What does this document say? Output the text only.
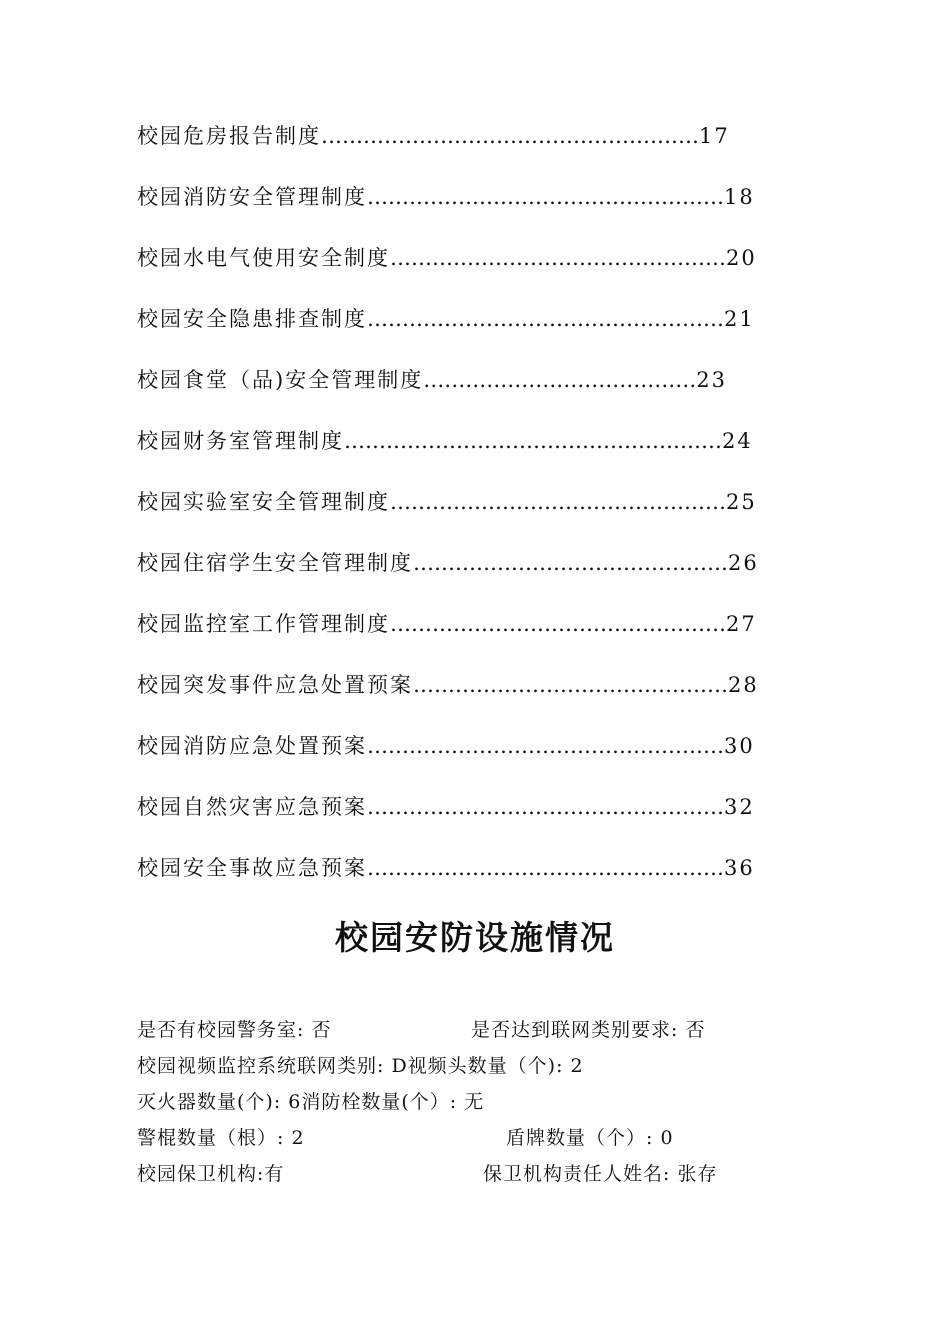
校园危房报告制度………………………………………………17
校园消防安全管理制度……………………………………………18
校园水电气使用安全制度…………………………………………20
校园安全隐患排查制度……………………………………………21
校园食堂（品)安全管理制度…………………………………23
校园财务室管理制度………………………………………………24
校园实验室安全管理制度…………………………………………25
校园住宿学生安全管理制度………………………………………26
校园监控室工作管理制度…………………………………………27
校园突发事件应急处置预案………………………………………28
校园消防应急处置预案……………………………………………30
校园自然灾害应急预案……………………………………………32
校园安全事故应急预案……………………………………………36
校园安防设施情况
是否有校园警务室: 否	是否达到联网类别要求: 否
校园视频监控系统联网类别: D视频头数量（个): 2
灭火器数量(个): 6消防栓数量(个）: 无
警棍数量（根）: 2	盾牌数量（个）: 0
校园保卫机构:有	保卫机构责任人姓名: 张存
